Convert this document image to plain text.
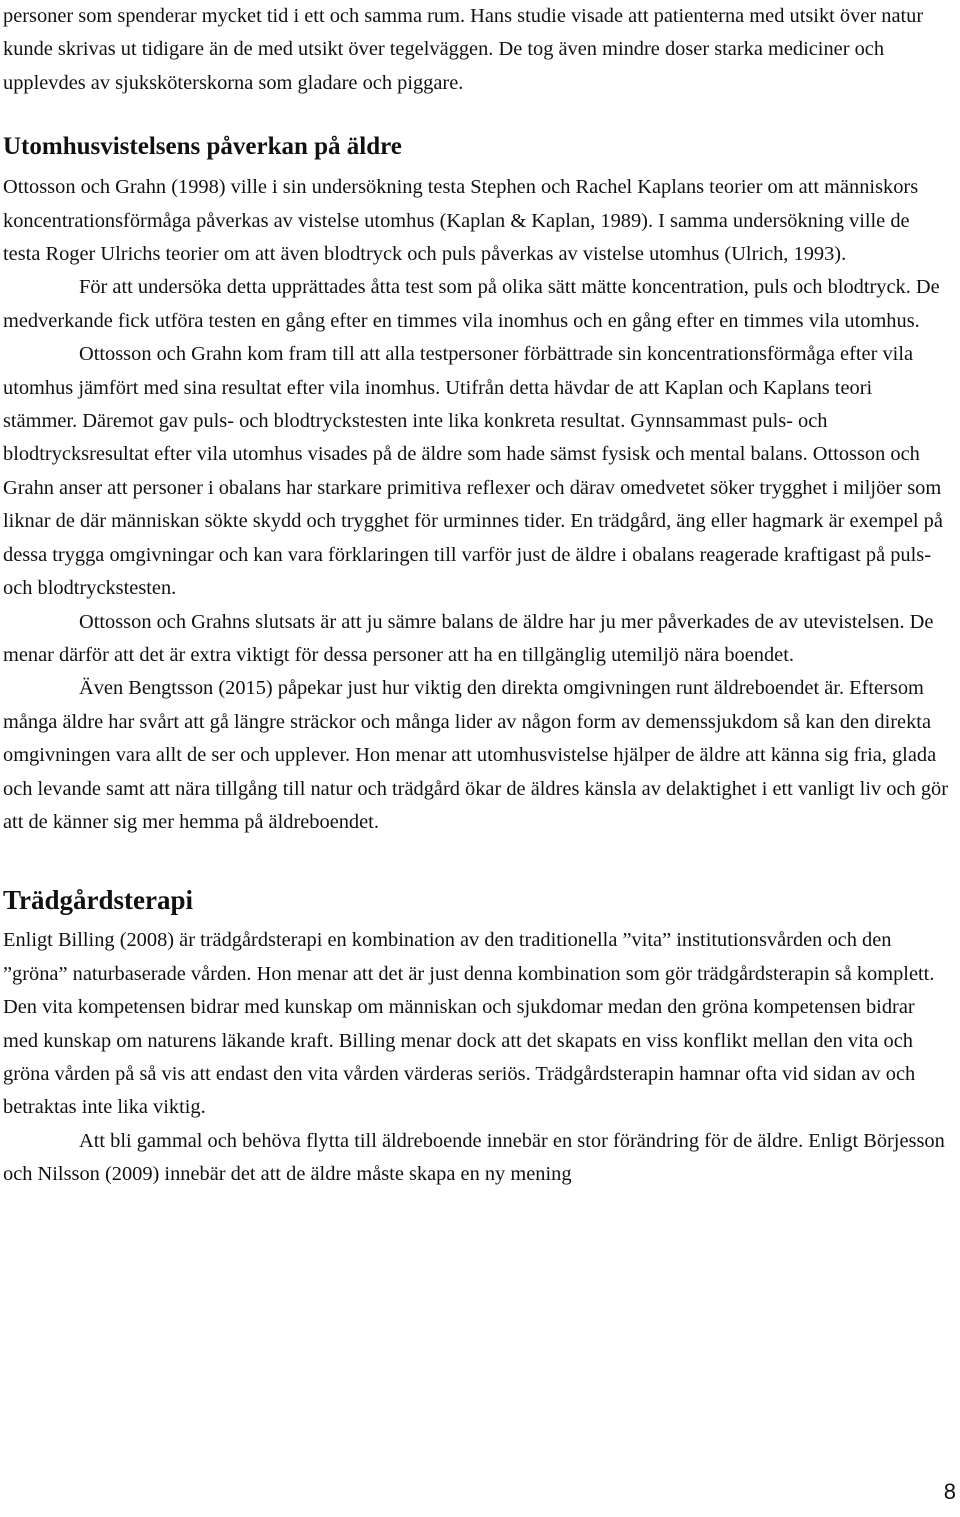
personer som spenderar mycket tid i ett och samma rum. Hans studie visade att patienterna med utsikt över natur kunde skrivas ut tidigare än de med utsikt över tegelväggen. De tog även mindre doser starka mediciner och upplevdes av sjuksköterskorna som gladare och piggare.

Utomhusvistelsens påverkan på äldre

Ottosson och Grahn (1998) ville i sin undersökning testa Stephen och Rachel Kaplans teorier om att människors koncentrationsförmåga påverkas av vistelse utomhus (Kaplan & Kaplan, 1989). I samma undersökning ville de testa Roger Ulrichs teorier om att även blodtryck och puls påverkas av vistelse utomhus (Ulrich, 1993).

För att undersöka detta upprättades åtta test som på olika sätt mätte koncentration, puls och blodtryck. De medverkande fick utföra testen en gång efter en timmes vila inomhus och en gång efter en timmes vila utomhus.

Ottosson och Grahn kom fram till att alla testpersoner förbättrade sin koncentrationsförmåga efter vila utomhus jämfört med sina resultat efter vila inomhus. Utifrån detta hävdar de att Kaplan och Kaplans teori stämmer. Däremot gav puls- och blodtryckstesten inte lika konkreta resultat. Gynnsammast puls- och blodtrycksresultat efter vila utomhus visades på de äldre som hade sämst fysisk och mental balans. Ottosson och Grahn anser att personer i obalans har starkare primitiva reflexer och därav omedvetet söker trygghet i miljöer som liknar de där människan sökte skydd och trygghet för urminnes tider. En trädgård, äng eller hagmark är exempel på dessa trygga omgivningar och kan vara förklaringen till varför just de äldre i obalans reagerade kraftigast på puls- och blodtryckstesten.

Ottosson och Grahns slutsats är att ju sämre balans de äldre har ju mer påverkades de av utevistelsen. De menar därför att det är extra viktigt för dessa personer att ha en tillgänglig utemiljö nära boendet.

Även Bengtsson (2015) påpekar just hur viktig den direkta omgivningen runt äldreboendet är. Eftersom många äldre har svårt att gå längre sträckor och många lider av någon form av demenssjukdom så kan den direkta omgivningen vara allt de ser och upplever. Hon menar att utomhusvistelse hjälper de äldre att känna sig fria, glada och levande samt att nära tillgång till natur och trädgård ökar de äldres känsla av delaktighet i ett vanligt liv och gör att de känner sig mer hemma på äldreboendet.

Trädgårdsterapi

Enligt Billing (2008) är trädgårdsterapi en kombination av den traditionella ”vita” institutionsvården och den ”gröna” naturbaserade vården. Hon menar att det är just denna kombination som gör trädgårdsterapin så komplett. Den vita kompetensen bidrar med kunskap om människan och sjukdomar medan den gröna kompetensen bidrar med kunskap om naturens läkande kraft. Billing menar dock att det skapats en viss konflikt mellan den vita och gröna vården på så vis att endast den vita vården värderas seriös. Trädgårdsterapin hamnar ofta vid sidan av och betraktas inte lika viktig.

Att bli gammal och behöva flytta till äldreboende innebär en stor förändring för de äldre. Enligt Börjesson och Nilsson (2009) innebär det att de äldre måste skapa en ny mening

8
